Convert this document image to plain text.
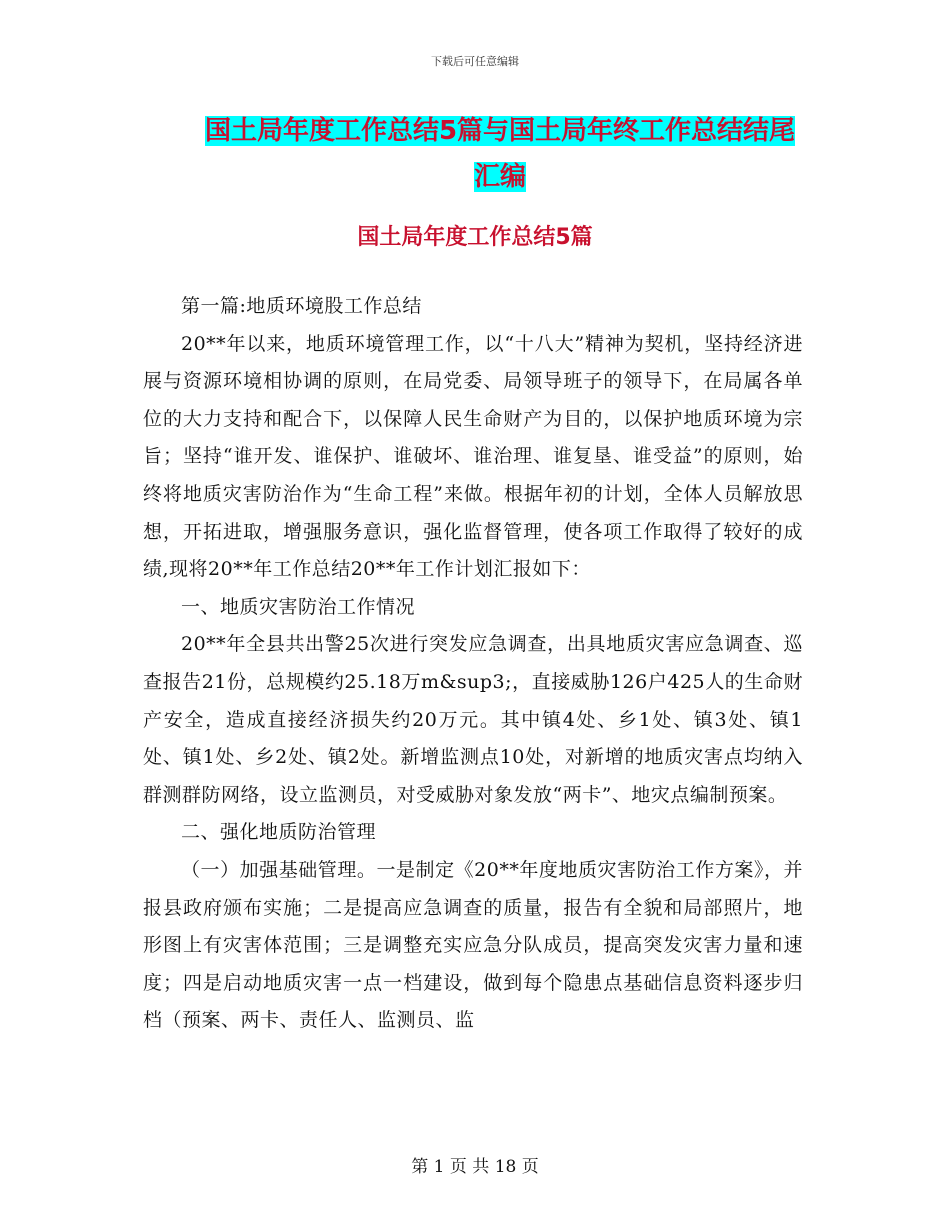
下载后可任意编辑
国土局年度工作总结5篇与国土局年终工作总结结尾
汇编
国土局年度工作总结5篇

第一篇:地质环境股工作总结

20**年以来，地质环境管理工作，以“十八大”精神为契机，坚持经济进展与资源环境相协调的原则，在局党委、局领导班子的领导下，在局属各单位的大力支持和配合下，以保障人民生命财产为目的，以保护地质环境为宗旨；坚持“谁开发、谁保护、谁破坏、谁治理、谁复垦、谁受益”的原则，始终将地质灾害防治作为“生命工程”来做。根据年初的计划，全体人员解放思想，开拓进取，增强服务意识，强化监督管理，使各项工作取得了较好的成绩,现将20**年工作总结20**年工作计划汇报如下：

一、地质灾害防治工作情况

20**年全县共出警25次进行突发应急调查，出具地质灾害应急调查、巡查报告21份，总规模约25.18万m&sup3;，直接威胁126户425人的生命财产安全，造成直接经济损失约20万元。其中镇4处、乡1处、镇3处、镇1处、镇1处、乡2处、镇2处。新增监测点10处，对新增的地质灾害点均纳入群测群防网络，设立监测员，对受威胁对象发放“两卡”、地灾点编制预案。

二、强化地质防治管理

（一）加强基础管理。一是制定《20**年度地质灾害防治工作方案》，并报县政府颁布实施；二是提高应急调查的质量，报告有全貌和局部照片，地形图上有灾害体范围；三是调整充实应急分队成员，提高突发灾害力量和速度；四是启动地质灾害一点一档建设，做到每个隐患点基础信息资料逐步归档（预案、两卡、责任人、监测员、监

第 1 页 共 18 页
